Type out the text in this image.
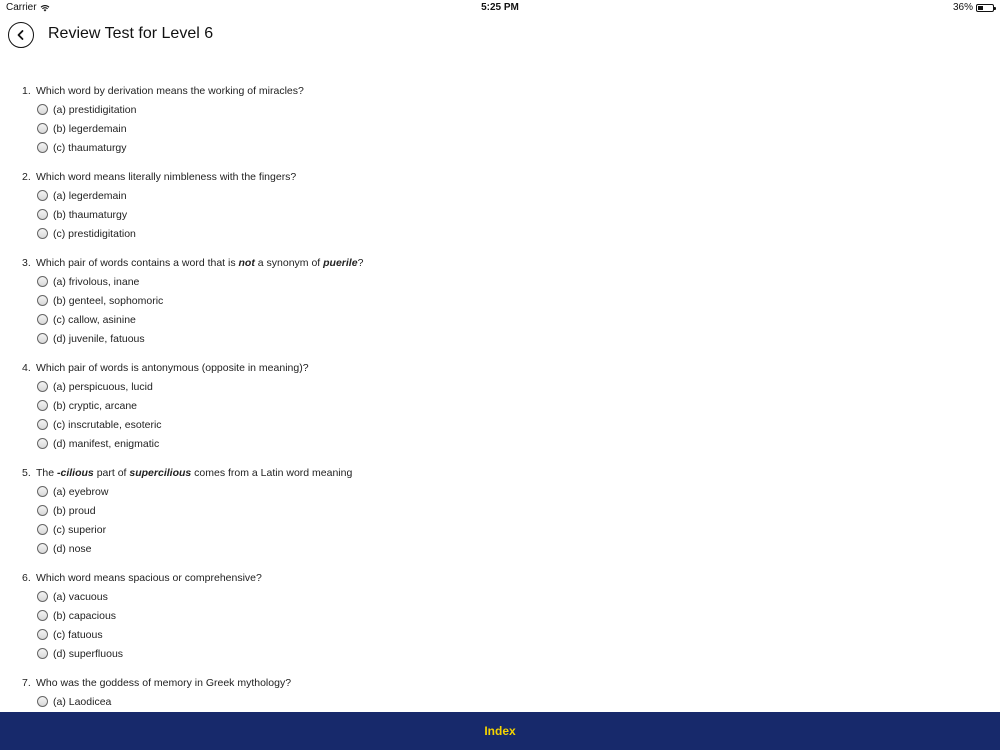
Carrier	5:25 PM	36%
Review Test for Level 6
1. Which word by derivation means the working of miracles?
(a) prestidigitation
(b) legerdemain
(c) thaumaturgy
2. Which word means literally nimbleness with the fingers?
(a) legerdemain
(b) thaumaturgy
(c) prestidigitation
3. Which pair of words contains a word that is not a synonym of puerile?
(a) frivolous, inane
(b) genteel, sophomoric
(c) callow, asinine
(d) juvenile, fatuous
4. Which pair of words is antonymous (opposite in meaning)?
(a) perspicuous, lucid
(b) cryptic, arcane
(c) inscrutable, esoteric
(d) manifest, enigmatic
5. The -cilious part of supercilious comes from a Latin word meaning
(a) eyebrow
(b) proud
(c) superior
(d) nose
6. Which word means spacious or comprehensive?
(a) vacuous
(b) capacious
(c) fatuous
(d) superfluous
7. Who was the goddess of memory in Greek mythology?
(a) Laodicea
Index
